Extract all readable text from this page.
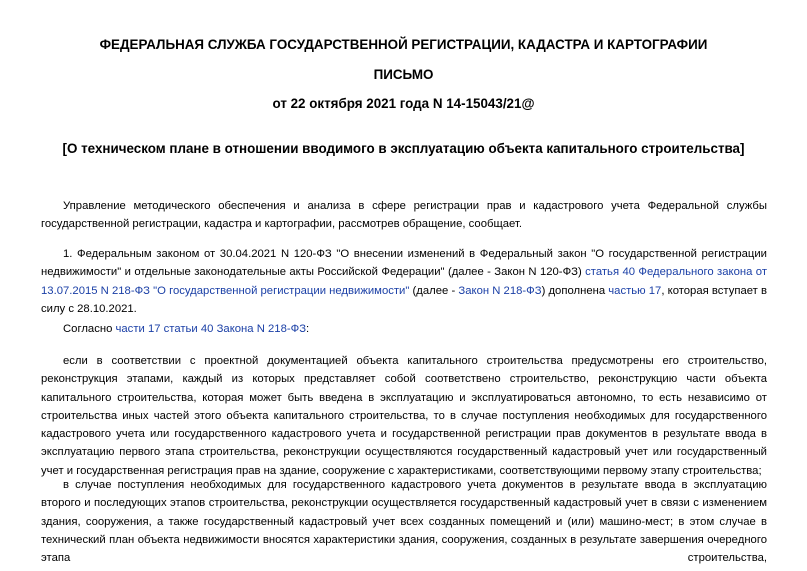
ФЕДЕРАЛЬНАЯ СЛУЖБА ГОСУДАРСТВЕННОЙ РЕГИСТРАЦИИ, КАДАСТРА И КАРТОГРАФИИ
ПИСЬМО
от 22 октября 2021 года N 14-15043/21@
[О техническом плане в отношении вводимого в эксплуатацию объекта капитального строительства]
Управление методического обеспечения и анализа в сфере регистрации прав и кадастрового учета Федеральной службы государственной регистрации, кадастра и картографии, рассмотрев обращение, сообщает.
1. Федеральным законом от 30.04.2021 N 120-ФЗ "О внесении изменений в Федеральный закон "О государственной регистрации недвижимости" и отдельные законодательные акты Российской Федерации" (далее - Закон N 120-ФЗ) статья 40 Федерального закона от 13.07.2015 N 218-ФЗ "О государственной регистрации недвижимости" (далее - Закон N 218-ФЗ) дополнена частью 17, которая вступает в силу с 28.10.2021.
Согласно части 17 статьи 40 Закона N 218-ФЗ:
если в соответствии с проектной документацией объекта капитального строительства предусмотрены его строительство, реконструкция этапами, каждый из которых представляет собой соответствено строительство, реконструкцию части объекта капитального строительства, которая может быть введена в эксплуатацию и эксплуатироваться автономно, то есть независимо от строительства иных частей этого объекта капитального строительства, то в случае поступления необходимых для государственного кадастрового учета или государственного кадастрового учета и государственной регистрации прав документов в результате ввода в эксплуатацию первого этапа строительства, реконструкции осуществляются государственный кадастровый учет или государственный учет и государственная регистрация прав на здание, сооружение с характеристиками, соответствующими первому этапу строительства;
в случае поступления необходимых для государственного кадастрового учета документов в результате ввода в эксплуатацию второго и последующих этапов строительства, реконструкции осуществляется государственный кадастровый учет в связи с изменением здания, сооружения, а также государственный кадастровый учет всех созданных помещений и (или) машино-мест; в этом случае в технический план объекта недвижимости вносятся характеристики здания, сооружения, созданных в результате завершения очередного этапа строительства,
